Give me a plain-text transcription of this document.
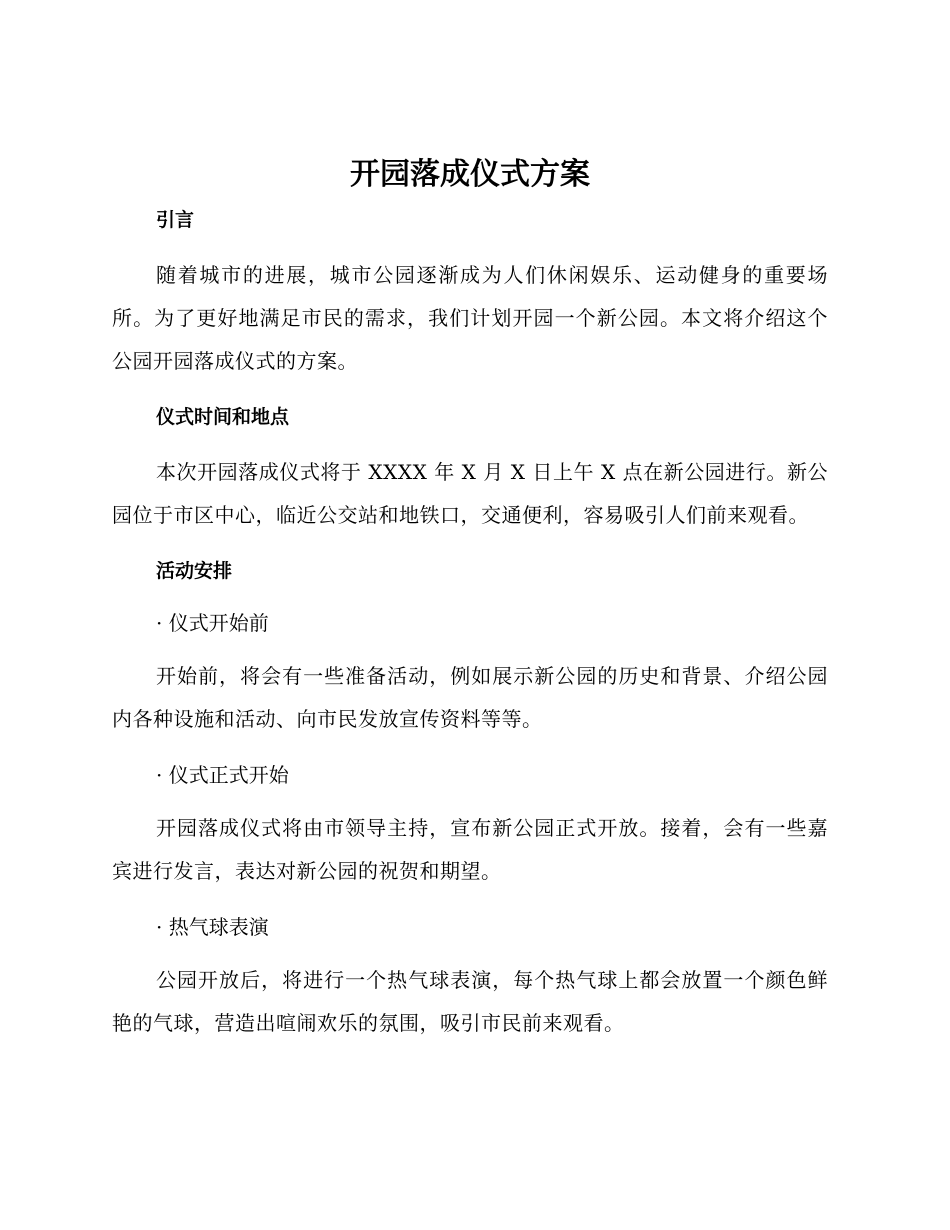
开园落成仪式方案
引言

随着城市的进展，城市公园逐渐成为人们休闲娱乐、运动健身的重要场所。为了更好地满足市民的需求，我们计划开园一个新公园。本文将介绍这个公园开园落成仪式的方案。

仪式时间和地点

本次开园落成仪式将于 XXXX 年 X 月 X 日上午 X 点在新公园进行。新公园位于市区中心，临近公交站和地铁口，交通便利，容易吸引人们前来观看。

活动安排
· 仪式开始前

开始前，将会有一些准备活动，例如展示新公园的历史和背景、介绍公园内各种设施和活动、向市民发放宣传资料等等。

· 仪式正式开始

开园落成仪式将由市领导主持，宣布新公园正式开放。接着，会有一些嘉宾进行发言，表达对新公园的祝贺和期望。

· 热气球表演

公园开放后，将进行一个热气球表演，每个热气球上都会放置一个颜色鲜艳的气球，营造出喧闹欢乐的氛围，吸引市民前来观看。
